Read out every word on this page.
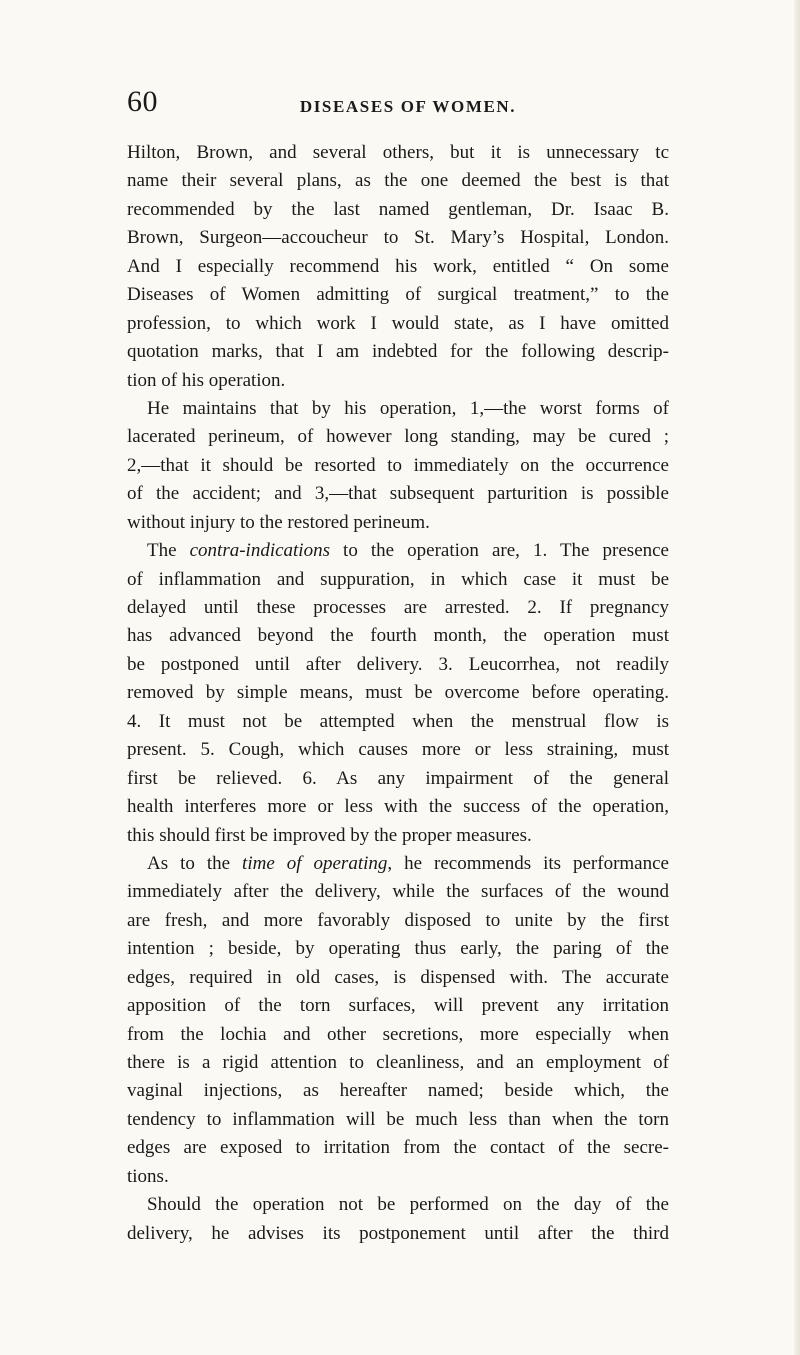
60	DISEASES OF WOMEN.

Hilton, Brown, and several others, but it is unnecessary tc
name their several plans, as the one deemed the best is that
recommended by the last named gentleman, Dr. Isaac B.
Brown, Surgeon—accoucheur to St. Mary’s Hospital, London.
And I especially recommend his work, entitled “ On some
Diseases of Women admitting of surgical treatment,” to the
profession, to which work I would state, as I have omitted
quotation marks, that I am indebted for the following descrip-
tion of his operation.

He maintains that by his operation, 1,—the worst forms of
lacerated perineum, of however long standing, may be cured ;
2,—that it should be resorted to immediately on the occurrence
of the accident; and 3,—that subsequent parturition is possible
without injury to the restored perineum.

The contra-indications to the operation are, 1. The presence
of inflammation and suppuration, in which case it must be
delayed until these processes are arrested. 2. If pregnancy
has advanced beyond the fourth month, the operation must
be postponed until after delivery. 3. Leucorrhea, not readily
removed by simple means, must be overcome before operating.
4. It must not be attempted when the menstrual flow is
present. 5. Cough, which causes more or less straining, must
first be relieved. 6. As any impairment of the general
health interferes more or less with the success of the operation,
this should first be improved by the proper measures.

As to the time of operating, he recommends its performance
immediately after the delivery, while the surfaces of the wound
are fresh, and more favorably disposed to unite by the first
intention ; beside, by operating thus early, the paring of the
edges, required in old cases, is dispensed with. The accurate
apposition of the torn surfaces, will prevent any irritation
from the lochia and other secretions, more especially when
there is a rigid attention to cleanliness, and an employment of
vaginal injections, as hereafter named; beside which, the
tendency to inflammation will be much less than when the torn
edges are exposed to irritation from the contact of the secre-
tions.

Should the operation not be performed on the day of the
delivery, he advises its postponement until after the third
